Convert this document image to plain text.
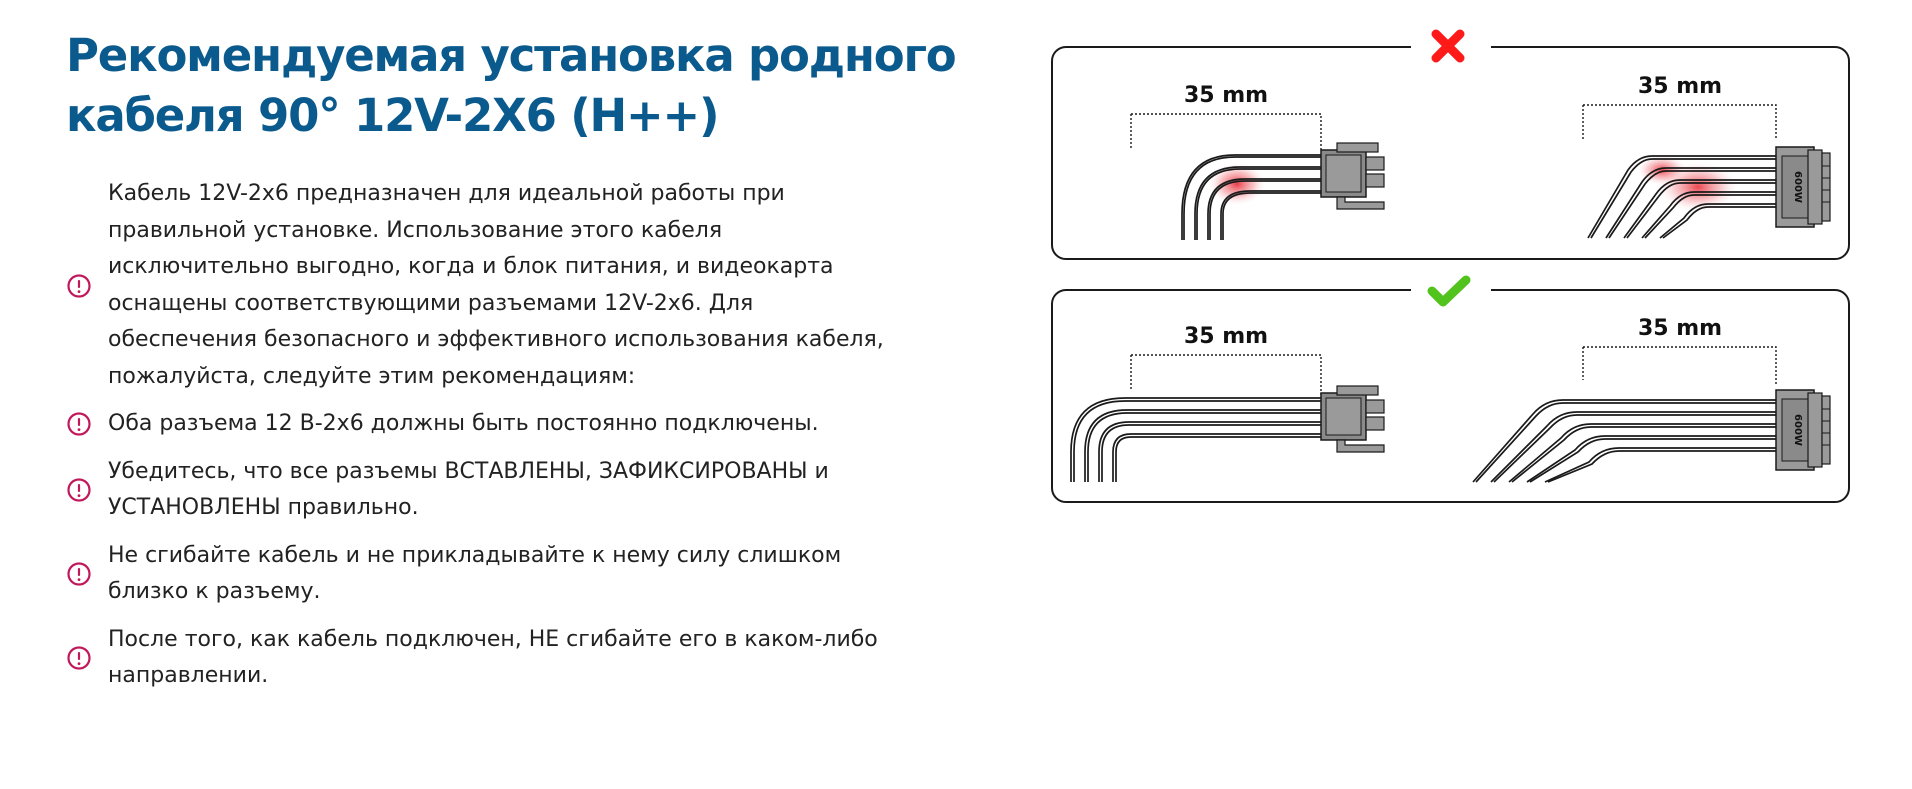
Рекомендуемая установка родного кабеля 90° 12V-2X6 (H++)
Кабель 12V-2x6 предназначен для идеальной работы при правильной установке. Использование этого кабеля исключительно выгодно, когда и блок питания, и видеокарта оснащены соответствующими разъемами 12V-2x6. Для обеспечения безопасного и эффективного использования кабеля, пожалуйста, следуйте этим рекомендациям:
Оба разъема 12 В-2х6 должны быть постоянно подключены.
Убедитесь, что все разъемы ВСТАВЛЕНЫ, ЗАФИКСИРОВАНЫ и УСТАНОВЛЕНЫ правильно.
Не сгибайте кабель и не прикладывайте к нему силу слишком близко к разъему.
После того, как кабель подключен, НЕ сгибайте его в каком-либо направлении.
35 mm	35 mm
600W
35 mm	35 mm
600W
